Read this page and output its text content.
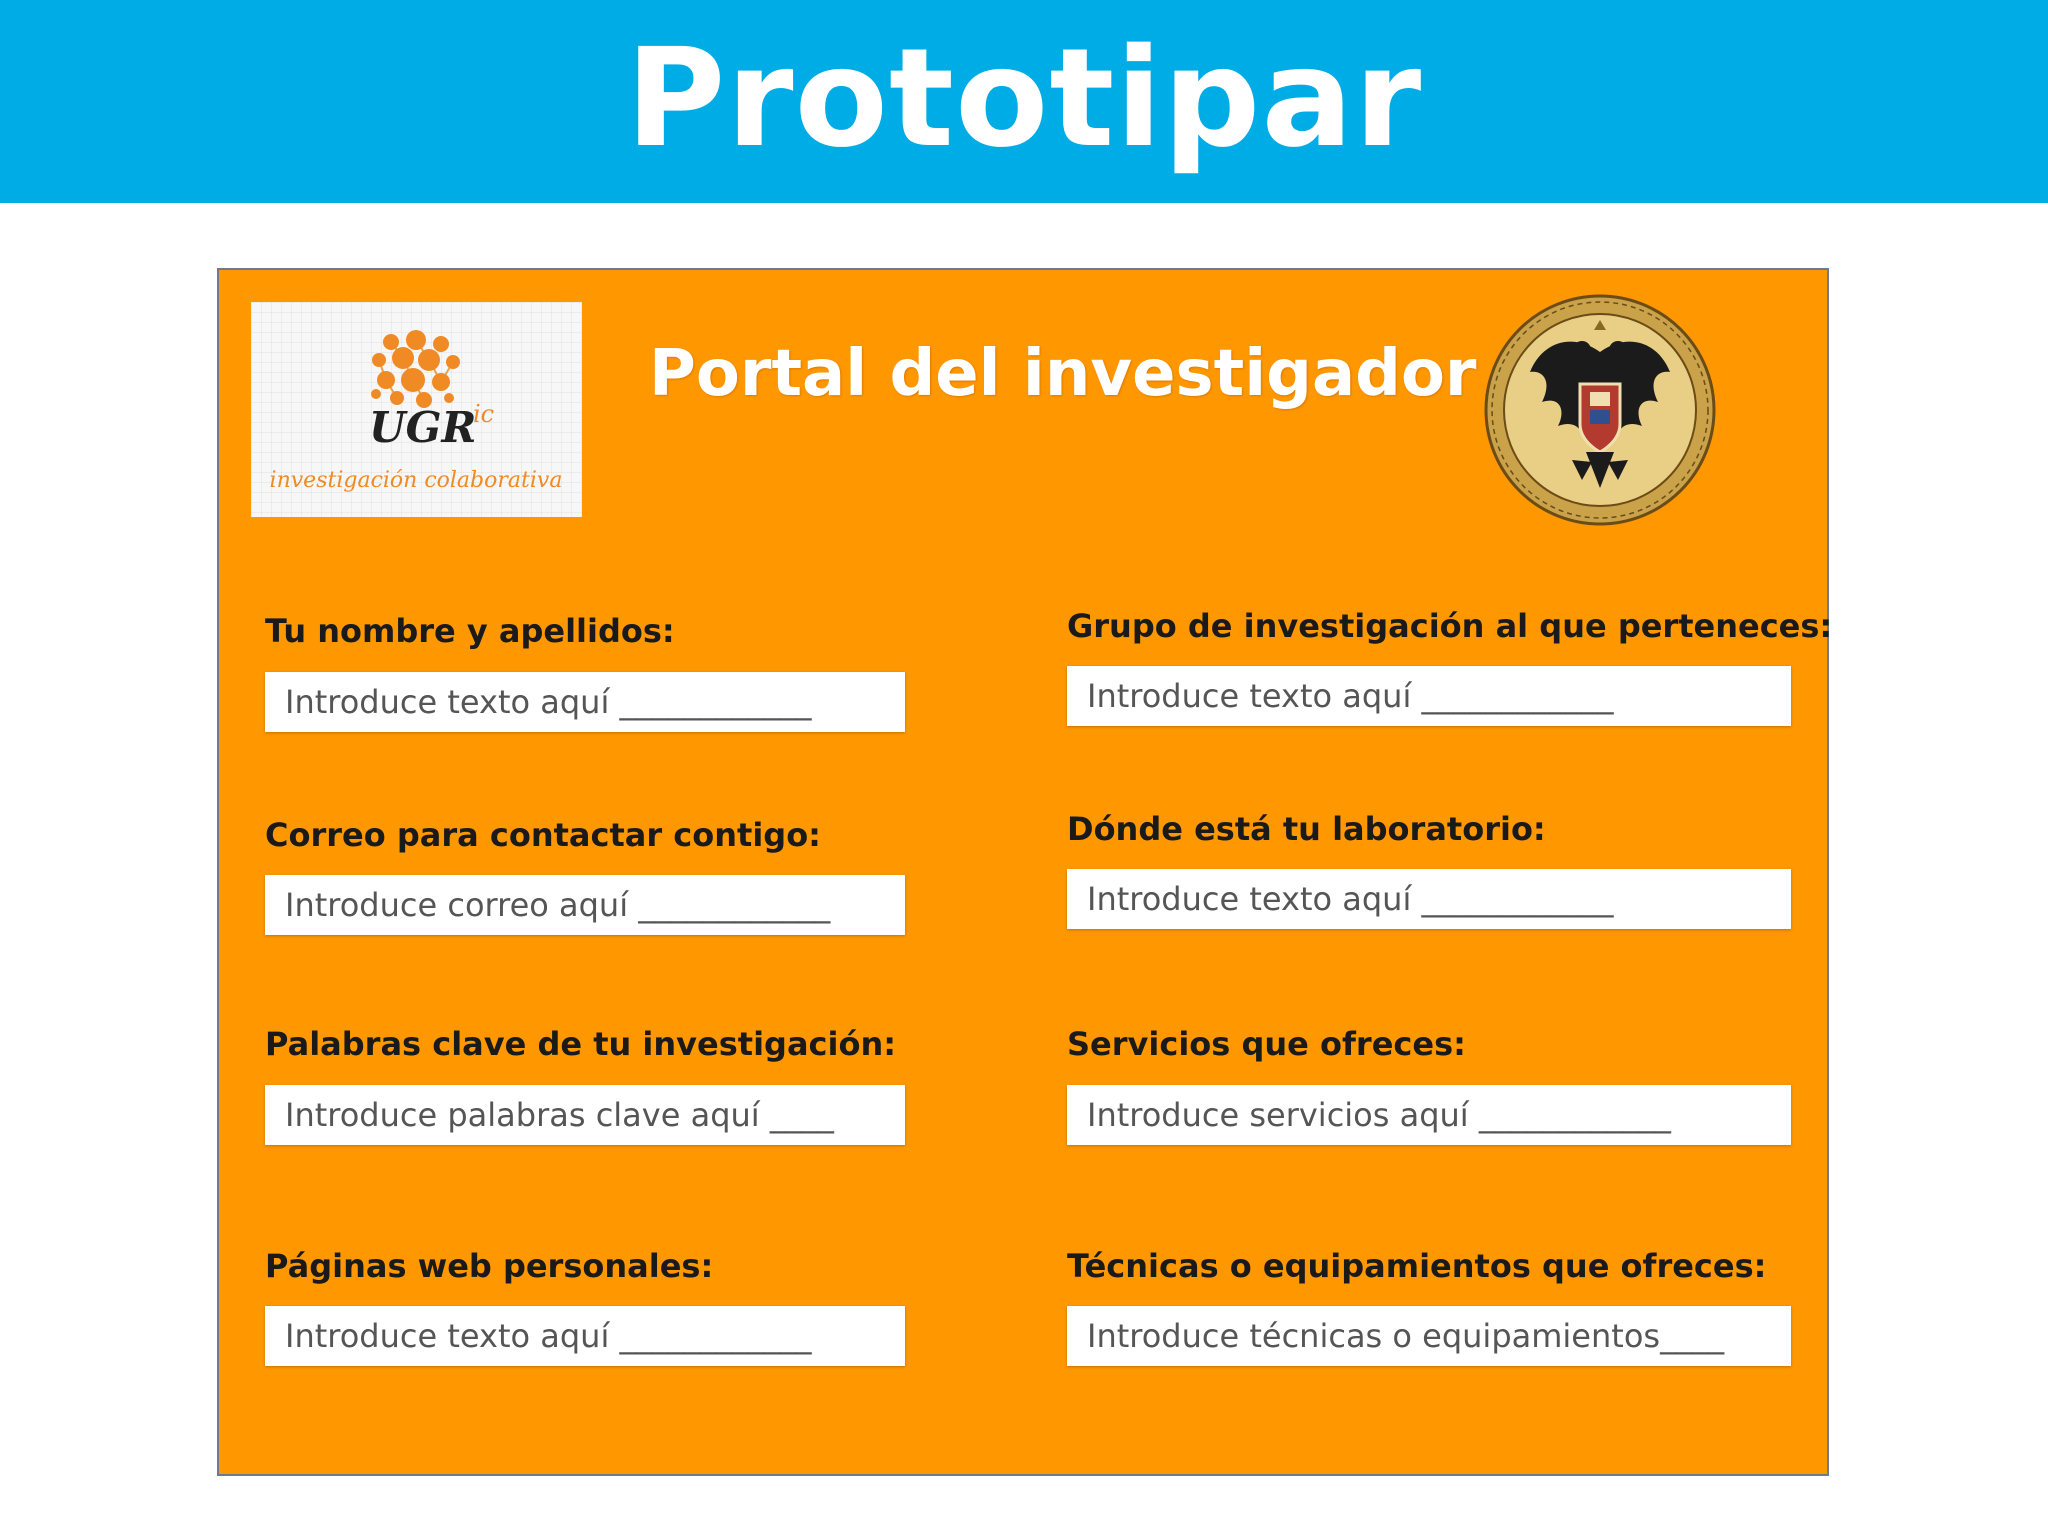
Prototipar
UGR
ic
investigación colaborativa
Portal del investigador
Tu nombre y apellidos:
Introduce texto aquí ____________
Correo para contactar contigo:
Introduce correo aquí ____________
Palabras clave de tu investigación:
Introduce palabras clave aquí ____
Páginas web personales:
Introduce texto aquí ____________
Grupo de investigación al que perteneces:
Introduce texto aquí ____________
Dónde está tu laboratorio:
Introduce texto aquí ____________
Servicios que ofreces:
Introduce servicios aquí ____________
Técnicas o equipamientos que ofreces:
Introduce técnicas o equipamientos____
